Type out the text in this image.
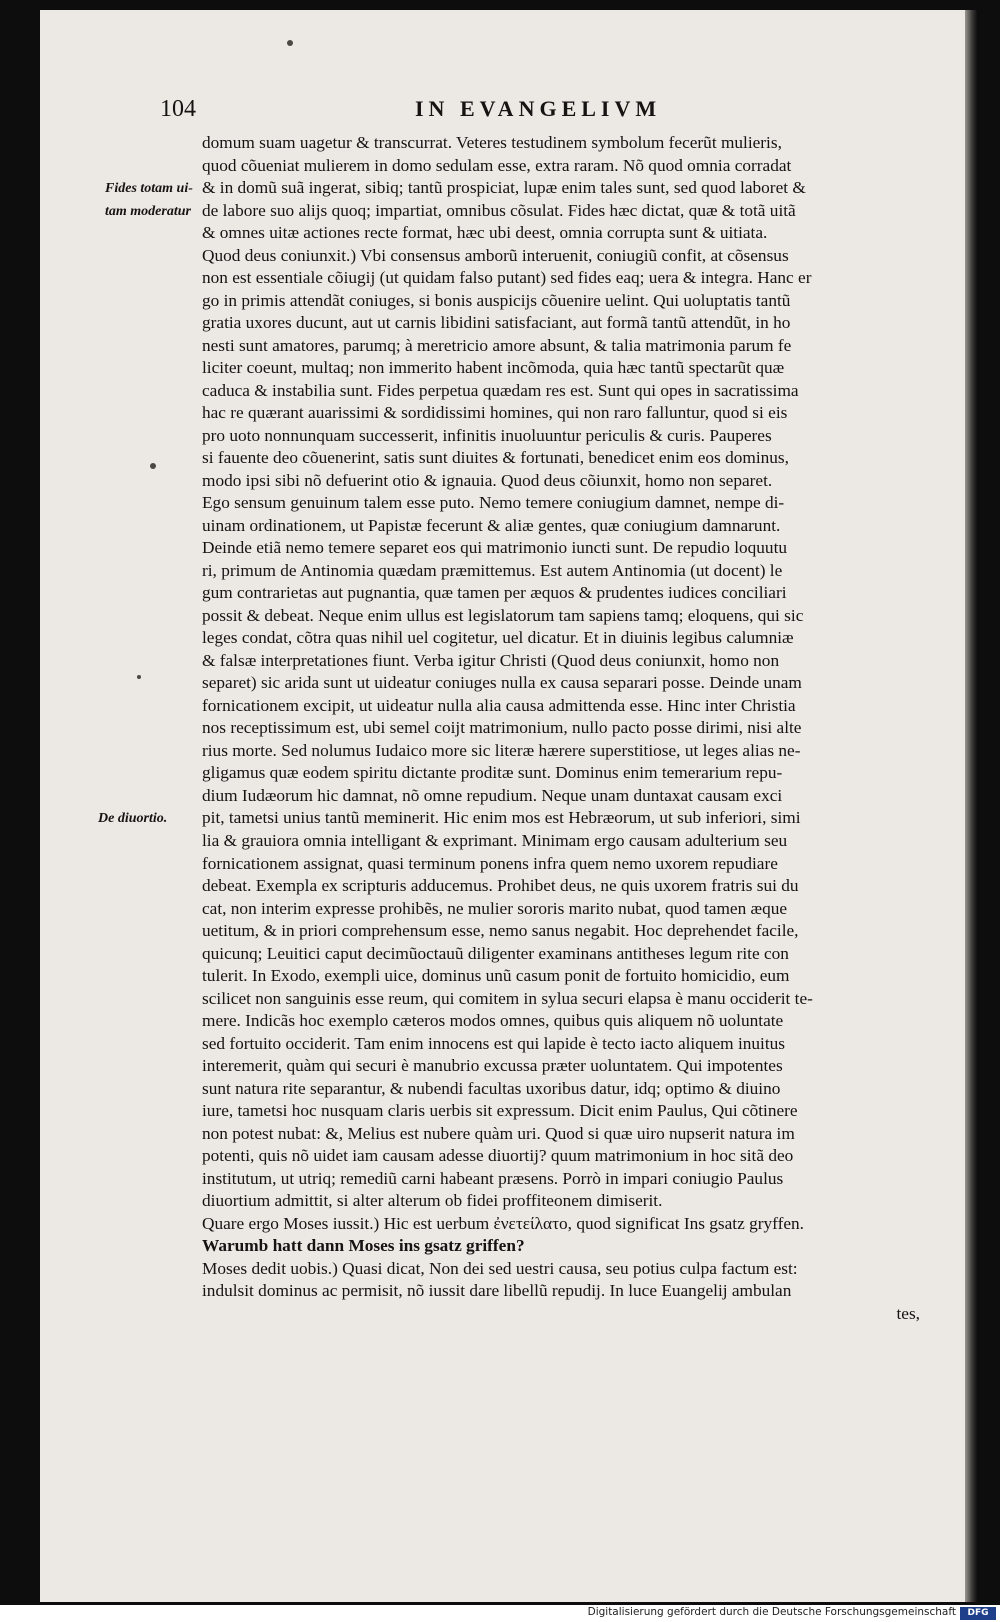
104	IN EVANGELIVM
Fides totam ui- tam moderatur
De diuortio.
domum suam uagetur & transcurrat. Veteres testudinem symbolum fecerũt mulieris,
quod cõueniat mulierem in domo sedulam esse, extra raram. Nõ quod omnia corradat
& in domũ suã ingerat, sibiq; tantũ prospiciat, lupæ enim tales sunt, sed quod laboret &
de labore suo alijs quoq; impartiat, omnibus cõsulat. Fides hæc dictat, quæ & totã uitã
& omnes uitæ actiones recte format, hæc ubi deest, omnia corrupta sunt & uitiata.
Quod deus coniunxit.) Vbi consensus amborũ interuenit, coniugiũ confit, at cõsensus
non est essentiale cõiugij (ut quidam falso putant) sed fides eaq; uera & integra. Hanc er
go in primis attendãt coniuges, si bonis auspicijs cõuenire uelint. Qui uoluptatis tantũ
gratia uxores ducunt, aut ut carnis libidini satisfaciant, aut formã tantũ attendũt, in ho
nesti sunt amatores, parumq; à meretricio amore absunt, & talia matrimonia parum fe
liciter coeunt, multaq; non immerito habent incõmoda, quia hæc tantũ spectarũt quæ
caduca & instabilia sunt. Fides perpetua quædam res est. Sunt qui opes in sacratissima
hac re quærant auarissimi & sordidissimi homines, qui non raro falluntur, quod si eis
pro uoto nonnunquam successerit, infinitis inuoluuntur periculis & curis. Pauperes
si fauente deo cõuenerint, satis sunt diuites & fortunati, benedicet enim eos dominus,
modo ipsi sibi nõ defuerint otio & ignauia. Quod deus cõiunxit, homo non separet.
Ego sensum genuinum talem esse puto. Nemo temere coniugium damnet, nempe di-
uinam ordinationem, ut Papistæ fecerunt & aliæ gentes, quæ coniugium damnarunt.
Deinde etiã nemo temere separet eos qui matrimonio iuncti sunt. De repudio loquutu
ri, primum de Antinomia quædam præmittemus. Est autem Antinomia (ut docent) le
gum contrarietas aut pugnantia, quæ tamen per æquos & prudentes iudices conciliari
possit & debeat. Neque enim ullus est legislatorum tam sapiens tamq; eloquens, qui sic
leges condat, cõtra quas nihil uel cogitetur, uel dicatur. Et in diuinis legibus calumniæ
& falsæ interpretationes fiunt. Verba igitur Christi (Quod deus coniunxit, homo non
separet) sic arida sunt ut uideatur coniuges nulla ex causa separari posse. Deinde unam
fornicationem excipit, ut uideatur nulla alia causa admittenda esse. Hinc inter Christia
nos receptissimum est, ubi semel coijt matrimonium, nullo pacto posse dirimi, nisi alte
rius morte. Sed nolumus Iudaico more sic literæ hærere superstitiose, ut leges alias ne-
gligamus quæ eodem spiritu dictante proditæ sunt. Dominus enim temerarium repu-
dium Iudæorum hic damnat, nõ omne repudium. Neque unam duntaxat causam exci
pit, tametsi unius tantũ meminerit. Hic enim mos est Hebræorum, ut sub inferiori, simi
lia & grauiora omnia intelligant & exprimant. Minimam ergo causam adulterium seu
fornicationem assignat, quasi terminum ponens infra quem nemo uxorem repudiare
debeat. Exempla ex scripturis adducemus. Prohibet deus, ne quis uxorem fratris sui du
cat, non interim expresse prohibẽs, ne mulier sororis marito nubat, quod tamen æque
uetitum, & in priori comprehensum esse, nemo sanus negabit. Hoc deprehendet facile,
quicunq; Leuitici caput decimũoctauũ diligenter examinans antitheses legum rite con
tulerit. In Exodo, exempli uice, dominus unũ casum ponit de fortuito homicidio, eum
scilicet non sanguinis esse reum, qui comitem in sylua securi elapsa è manu occiderit te-
mere. Indicãs hoc exemplo cæteros modos omnes, quibus quis aliquem nõ uoluntate
sed fortuito occiderit. Tam enim innocens est qui lapide è tecto iacto aliquem inuitus
interemerit, quàm qui securi è manubrio excussa præter uoluntatem. Qui impotentes
sunt natura rite separantur, & nubendi facultas uxoribus datur, idq; optimo & diuino
iure, tametsi hoc nusquam claris uerbis sit expressum. Dicit enim Paulus, Qui cõtinere
non potest nubat: &, Melius est nubere quàm uri. Quod si quæ uiro nupserit natura im
potenti, quis nõ uidet iam causam adesse diuortij? quum matrimonium in hoc sitã deo
institutum, ut utriq; remediũ carni habeant præsens. Porrò in impari coniugio Paulus
diuortium admittit, si alter alterum ob fidei proffiteonem dimiserit.
Quare ergo Moses iussit.) Hic est uerbum ἐνετείλατο, quod significat Ins gsatz gryffen.
Warumb hatt dann Moses ins gsatz griffen?
Moses dedit uobis.) Quasi dicat, Non dei sed uestri causa, seu potius culpa factum est:
indulsit dominus ac permisit, nõ iussit dare libellũ repudij. In luce Euangelij ambulan
tes,
Digitalisierung gefördert durch die Deutsche Forschungsgemeinschaft	DFG
